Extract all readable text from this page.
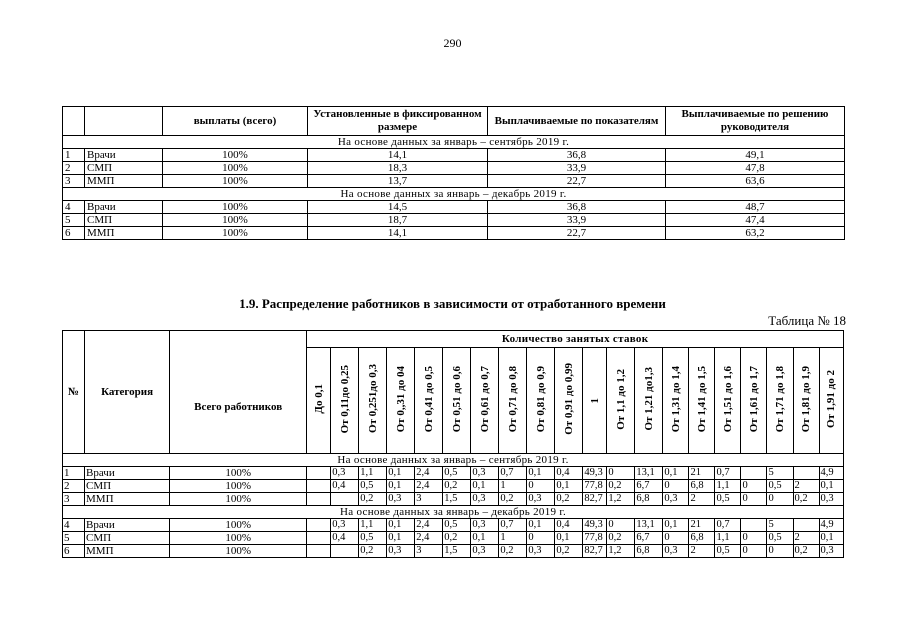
290
		выплаты (всего)	Установленные в фиксированном размере	Выплачиваемые по показателям	Выплачиваемые по решению руководителя
На основе данных за январь – сентябрь 2019 г.					
1	Врачи	100%	14,1	36,8	49,1
2	СМП	100%	18,3	33,9	47,8
3	ММП	100%	13,7	22,7	63,6
На основе данных за январь – декабрь 2019 г.					
4	Врачи	100%	14,5	36,8	48,7
5	СМП	100%	18,7	33,9	47,4
6	ММП	100%	14,1	22,7	63,2
1.9. Распределение работников в зависимости от отработанного времени
Таблица № 18
№	Категория	Всего работников	Количество занятых ставок																			
			До 0,1	От 0,11до 0,25	От 0,251до 0,3	От 0,,31 до 04	От 0,41 до 0,5	От 0,51 до 0,6	От 0,61 до 0,7	От 0,71 до 0,8	От 0,81 до 0,9	От 0,91 до 0,99	1	От 1,1 до 1,2	От 1,21 до1,3	От 1,31 до 1,4	От 1,41 до 1,5	От 1,51 до 1,6	От 1,61 до 1,7	От 1,71 до 1,8	От 1,81 до 1,9	От 1,91 до 2
На основе данных за январь – сентябрь 2019 г.																						
1	Врачи	100%		0,3	1,1	0,1	2,4	0,5	0,3	0,7	0,1	0,4	49,3	0	13,1	0,1	21	0,7		5		4,9
2	СМП	100%		0,4	0,5	0,1	2,4	0,2	0,1	1	0	0,1	77,8	0,2	6,7	0	6,8	1,1	0	0,5	2	0,1
3	ММП	100%			0,2	0,3	3	1,5	0,3	0,2	0,3	0,2	82,7	1,2	6,8	0,3	2	0,5	0	0	0,2	0,3
На основе данных за январь – декабрь 2019 г.																						
4	Врачи	100%		0,3	1,1	0,1	2,4	0,5	0,3	0,7	0,1	0,4	49,3	0	13,1	0,1	21	0,7		5		4,9
5	СМП	100%		0,4	0,5	0,1	2,4	0,2	0,1	1	0	0,1	77,8	0,2	6,7	0	6,8	1,1	0	0,5	2	0,1
6	ММП	100%			0,2	0,3	3	1,5	0,3	0,2	0,3	0,2	82,7	1,2	6,8	0,3	2	0,5	0	0	0,2	0,3
